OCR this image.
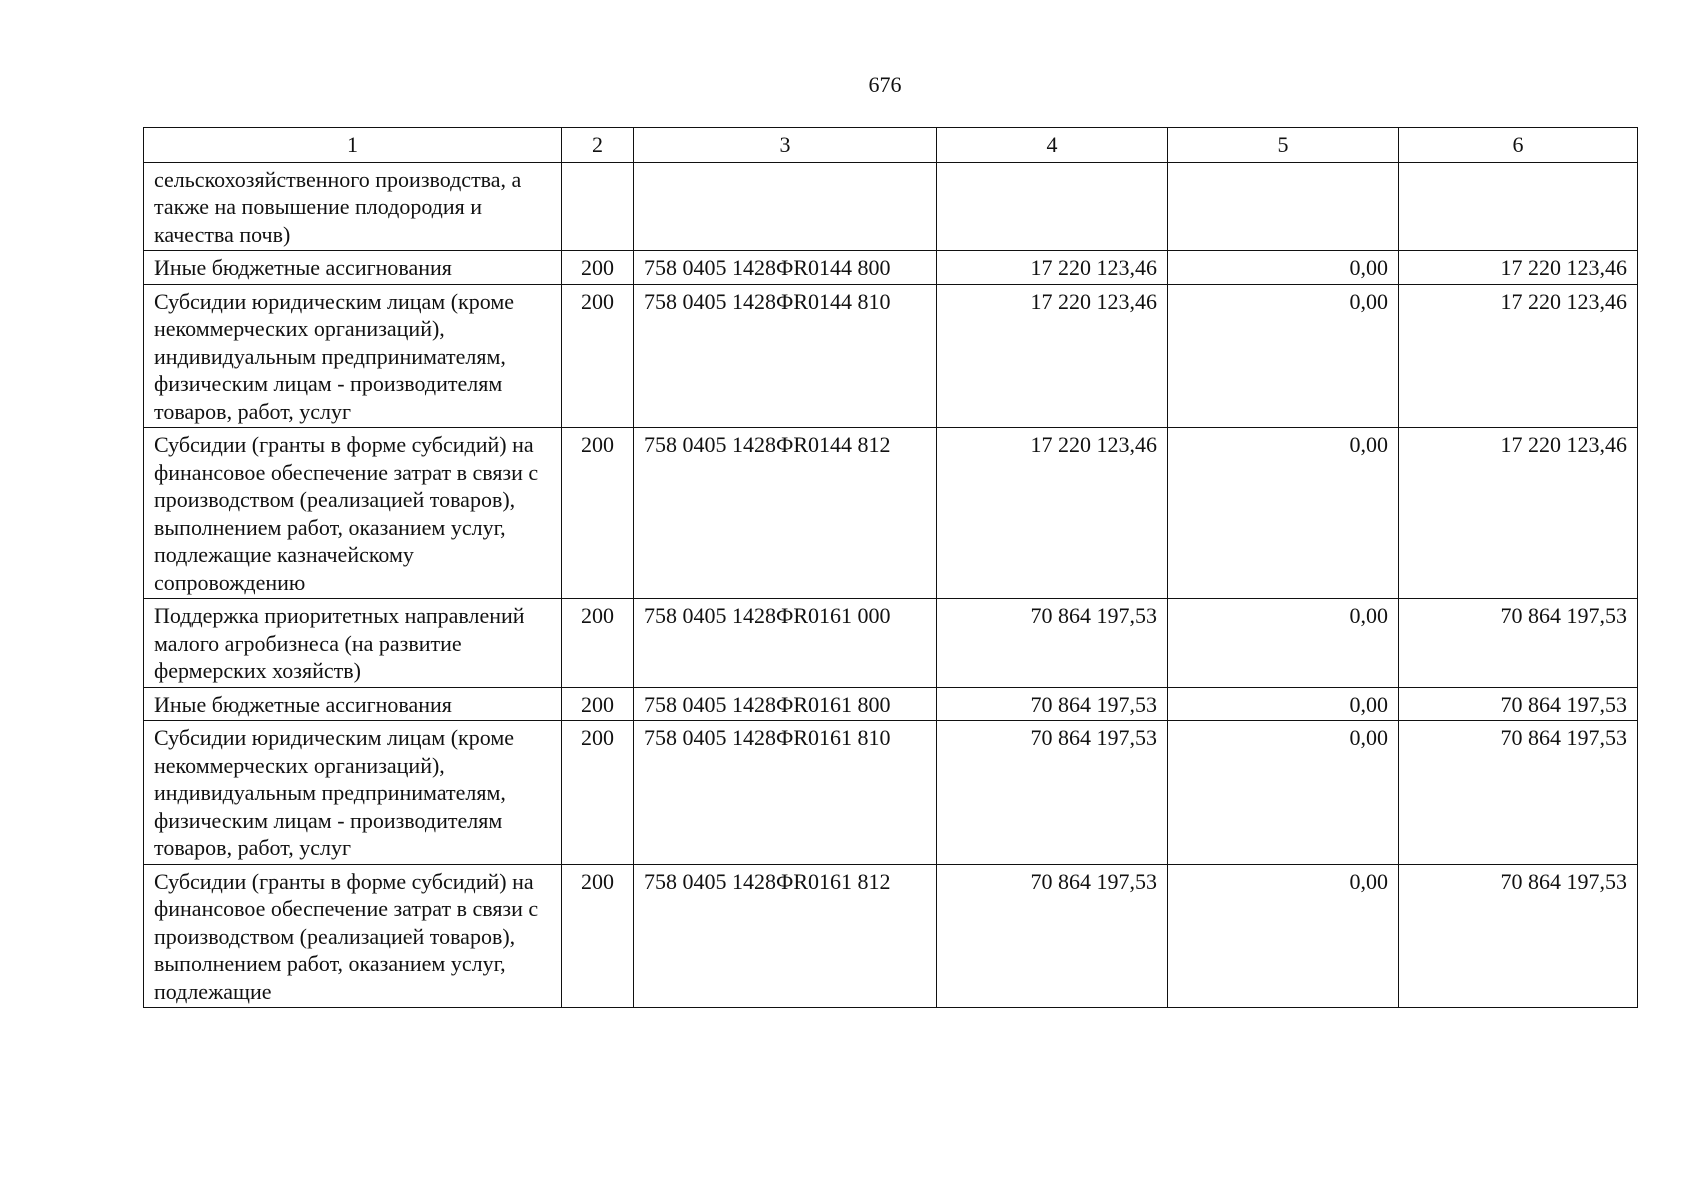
676
1	2	3	4	5	6
сельскохозяйственного производства, а также на повышение плодородия и качества почв)					
Иные бюджетные ассигнования	200	758 0405 1428ФR0144 800	17 220 123,46	0,00	17 220 123,46
Субсидии юридическим лицам (кроме некоммерческих организаций), индивидуальным предпринимателям, физическим лицам - производителям товаров, работ, услуг	200	758 0405 1428ФR0144 810	17 220 123,46	0,00	17 220 123,46
Субсидии (гранты в форме субсидий) на финансовое обеспечение затрат в связи с производством (реализацией товаров), выполнением работ, оказанием услуг, подлежащие казначейскому сопровождению	200	758 0405 1428ФR0144 812	17 220 123,46	0,00	17 220 123,46
Поддержка приоритетных направлений малого агробизнеса (на развитие фермерских хозяйств)	200	758 0405 1428ФR0161 000	70 864 197,53	0,00	70 864 197,53
Иные бюджетные ассигнования	200	758 0405 1428ФR0161 800	70 864 197,53	0,00	70 864 197,53
Субсидии юридическим лицам (кроме некоммерческих организаций), индивидуальным предпринимателям, физическим лицам - производителям товаров, работ, услуг	200	758 0405 1428ФR0161 810	70 864 197,53	0,00	70 864 197,53
Субсидии (гранты в форме субсидий) на финансовое обеспечение затрат в связи с производством (реализацией товаров), выполнением работ, оказанием услуг, подлежащие	200	758 0405 1428ФR0161 812	70 864 197,53	0,00	70 864 197,53
